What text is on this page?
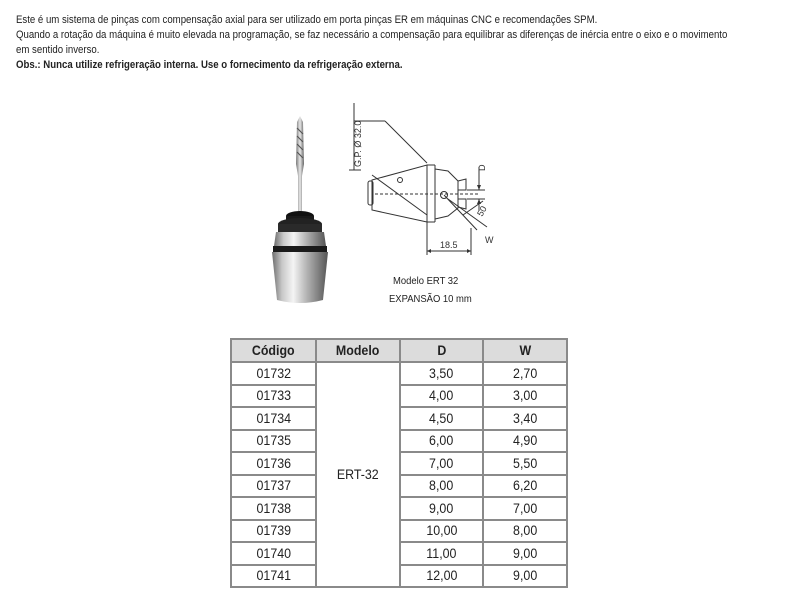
Este é um sistema de pinças com compensação axial para ser utilizado em porta pinças ER em máquinas CNC e recomendações SPM.

Quando a rotação da máquina é muito elevada na programação, se faz necessário a compensação para equilibrar as diferenças de inércia entre o eixo e o movimento

em sentido inverso.

Obs.: Nunca utilize refrigeração interna. Use o fornecimento da refrigeração externa.

G.P. Ø 32.0
D
50
W
18.5
Modelo ERT 32
EXPANSÃO 10 mm
Código	Modelo	D	W
01732	ERT-32	3,50	2,70
01733		4,00	3,00
01734		4,50	3,40
01735		6,00	4,90
01736		7,00	5,50
01737		8,00	6,20
01738		9,00	7,00
01739		10,00	8,00
01740		11,00	9,00
01741		12,00	9,00
